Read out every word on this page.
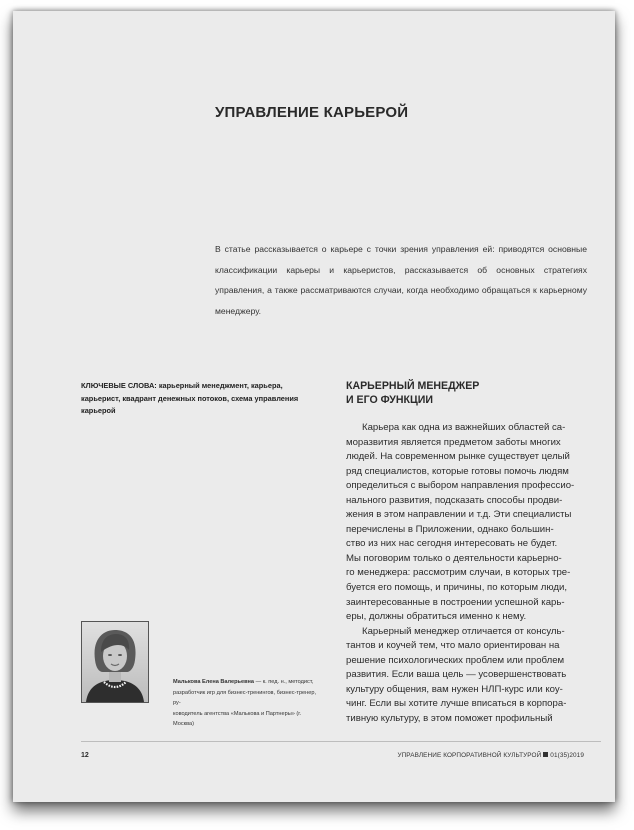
УПРАВЛЕНИЕ КАРЬЕРОЙ

В статье рассказывается о карьере с точки зрения управления ей: приводятся основные классификации карьеры и карьеристов, рассказывается об основных стратегиях управления, а также рассматриваются случаи, когда необходимо обращаться к карьерному менеджеру.

КЛЮЧЕВЫЕ СЛОВА: карьерный менеджмент, карьера, карьерист, квадрант денежных потоков, схема управления карьерой

КАРЬЕРНЫЙ МЕНЕДЖЕР
И ЕГО ФУНКЦИИ
Карьера как одна из важнейших областей са-
моразвития является предметом заботы многих
людей. На современном рынке существует целый
ряд специалистов, которые готовы помочь людям
определиться с выбором направления профессио-
нального развития, подсказать способы продви-
жения в этом направлении и т.д. Эти специалисты
перечислены в Приложении, однако большин-
ство из них нас сегодня интересовать не будет.
Мы поговорим только о деятельности карьерно-
го менеджера: рассмотрим случаи, в которых тре-
буется его помощь, и причины, по которым люди,
заинтересованные в построении успешной карь-
еры, должны обратиться именно к нему.
Карьерный менеджер отличается от консуль-
тантов и коучей тем, что мало ориентирован на
решение психологических проблем или проблем
развития. Если ваша цель — усовершенствовать
культуру общения, вам нужен НЛП-курс или коу-
чинг. Если вы хотите лучше вписаться в корпора-
тивную культуру, в этом поможет профильный

Малькова Елена Валерьевна — к. пед. н., методист,
разработчик игр для бизнес-тренингов, бизнес-тренер, ру-
ководитель агентства «Малькова и Партнеры» (г. Москва)

12	УПРАВЛЕНИЕ КОРПОРАТИВНОЙ КУЛЬТУРОЙ 01(35)2019
